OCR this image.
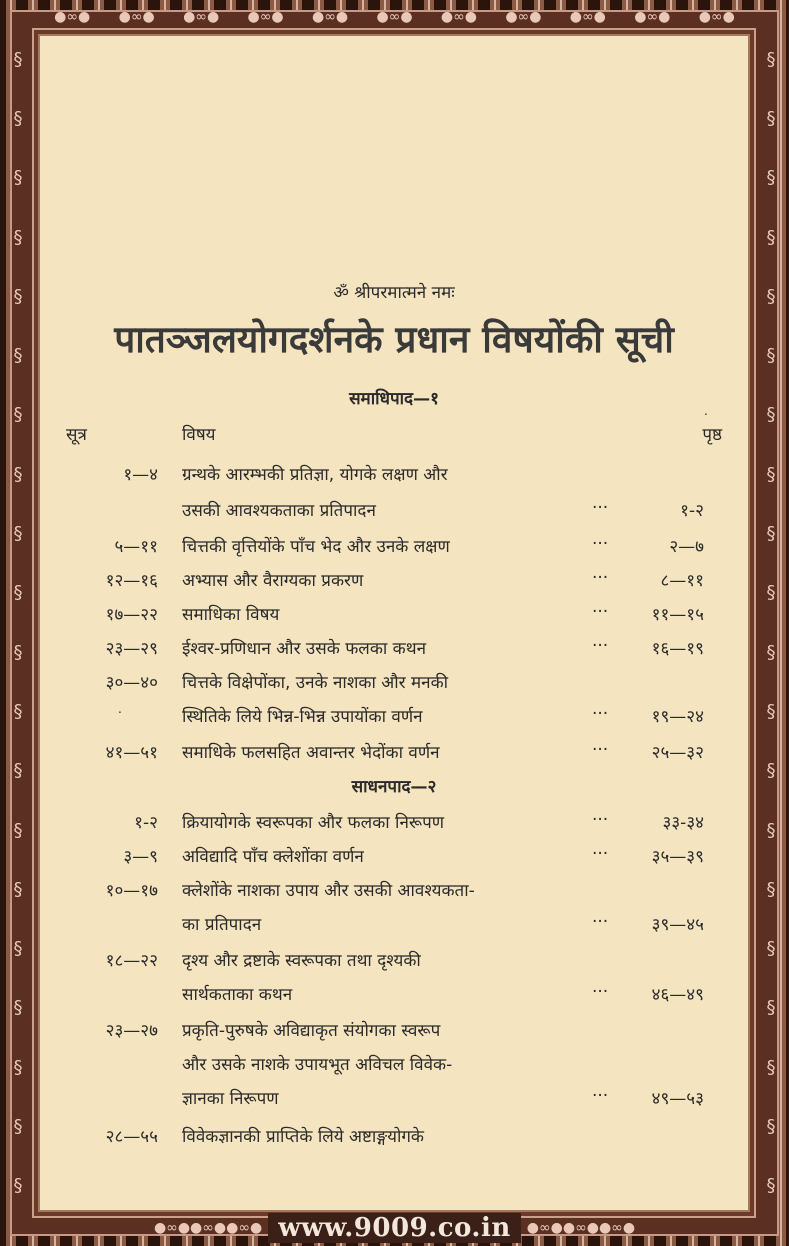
§
§
§
§
§
§
§
§
§
§
§
§
§
§
§
§
§
§
§
§
§
§
§
§
§
§
§
§
§
§
§
§
§
§
§
§
§
§
§
§
●∞● ●∞● ●∞● ●∞● ●∞● ●∞● ●∞● ●∞● ●∞● ●∞● ●∞●
ॐ श्रीपरमात्मने नमः
पातञ्जलयोगदर्शनके प्रधान विषयोंकी सूची
समाधिपाद—१
.
सूत्र	विषय	पृष्ठ
१—४ ग्रन्थके आरम्भकी प्रतिज्ञा, योगके लक्षण और
उसकी आवश्यकताका प्रतिपादन	···	१-२
५—११ चित्तकी वृत्तियोंके पाँच भेद और उनके लक्षण	···	२—७
१२—१६ अभ्यास और वैराग्यका प्रकरण	···	८—११
१७—२२ समाधिका विषय	···	११—१५
२३—२९ ईश्वर-प्रणिधान और उसके फलका कथन	···	१६—१९
३०—४० चित्तके विक्षेपोंका, उनके नाशका और मनकी
.	स्थितिके लिये भिन्न-भिन्न उपायोंका वर्णन	···	१९—२४
४१—५१ समाधिके फलसहित अवान्तर भेदोंका वर्णन	···	२५—३२
साधनपाद—२
१-२ क्रियायोगके स्वरूपका और फलका निरूपण	···	३३-३४
३—९ अविद्यादि पाँच क्लेशोंका वर्णन	···	३५—३९
१०—१७ क्लेशोंके नाशका उपाय और उसकी आवश्यकता-
का प्रतिपादन	···	३९—४५
१८—२२ दृश्य और द्रष्टाके स्वरूपका तथा दृश्यकी
सार्थकताका कथन	···	४६—४९
२३—२७ प्रकृति-पुरुषके अविद्याकृत संयोगका स्वरूप
और उसके नाशके उपायभूत अविचल विवेक-
ज्ञानका निरूपण	···	४९—५३
२८—५५ विवेकज्ञानकी प्राप्तिके लिये अष्टाङ्गयोगके
●∞●●∞●●∞● www.9009.co.in	●∞●●∞●●∞●
